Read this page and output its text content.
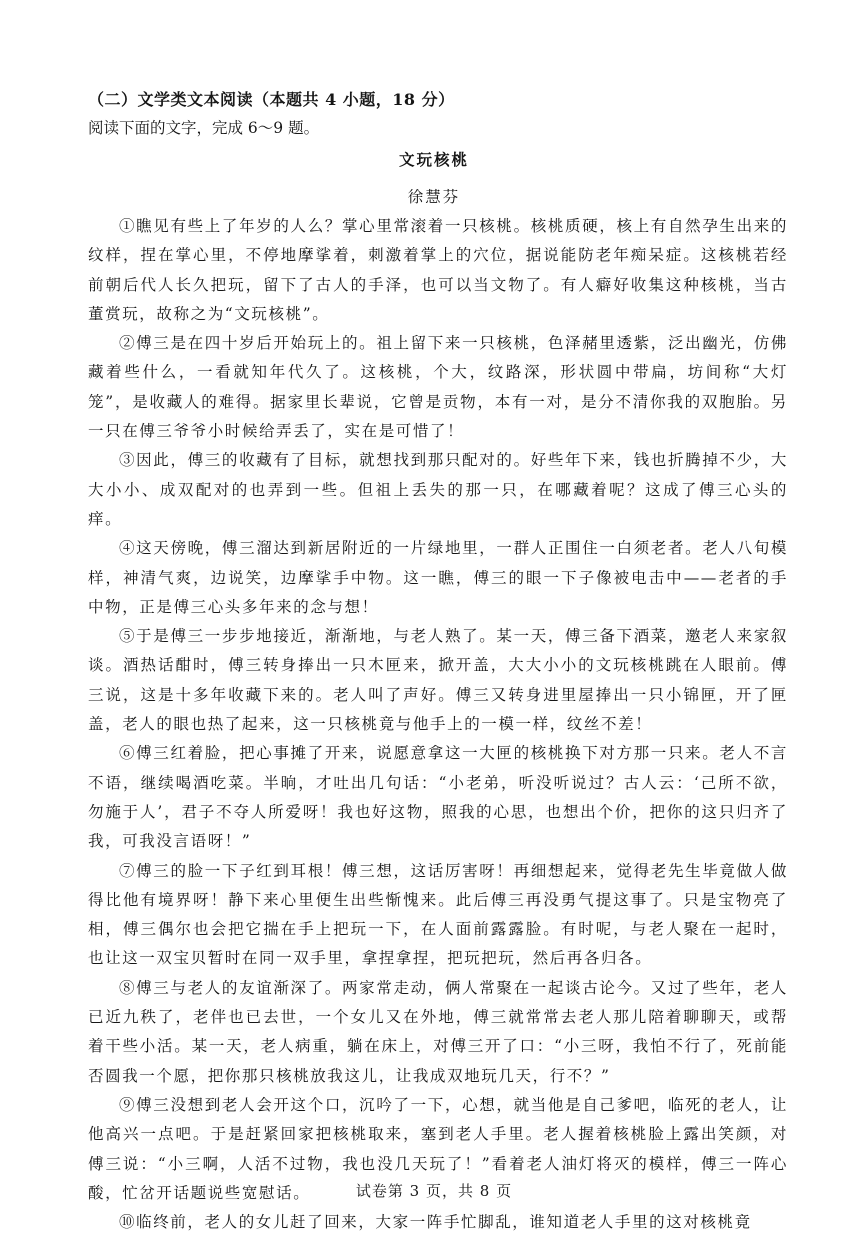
（二）文学类文本阅读（本题共 4 小题，18 分）
阅读下面的文字，完成 6～9 题。
文玩核桃
徐慧芬

①瞧见有些上了年岁的人么？掌心里常滚着一只核桃。核桃质硬，核上有自然孕生出来的纹样，捏在掌心里，不停地摩挲着，刺激着掌上的穴位，据说能防老年痴呆症。这核桃若经前朝后代人长久把玩，留下了古人的手泽，也可以当文物了。有人癖好收集这种核桃，当古董赏玩，故称之为“文玩核桃”。

②傅三是在四十岁后开始玩上的。祖上留下来一只核桃，色泽赭里透紫，泛出幽光，仿佛藏着些什么，一看就知年代久了。这核桃，个大，纹路深，形状圆中带扁，坊间称“大灯笼”，是收藏人的难得。据家里长辈说，它曾是贡物，本有一对，是分不清你我的双胞胎。另一只在傅三爷爷小时候给弄丢了，实在是可惜了！

③因此，傅三的收藏有了目标，就想找到那只配对的。好些年下来，钱也折腾掉不少，大大小小、成双配对的也弄到一些。但祖上丢失的那一只，在哪藏着呢？这成了傅三心头的痒。

④这天傍晚，傅三溜达到新居附近的一片绿地里，一群人正围住一白须老者。老人八旬模样，神清气爽，边说笑，边摩挲手中物。这一瞧，傅三的眼一下子像被电击中——老者的手中物，正是傅三心头多年来的念与想！

⑤于是傅三一步步地接近，渐渐地，与老人熟了。某一天，傅三备下酒菜，邀老人来家叙谈。酒热话酣时，傅三转身捧出一只木匣来，掀开盖，大大小小的文玩核桃跳在人眼前。傅三说，这是十多年收藏下来的。老人叫了声好。傅三又转身进里屋捧出一只小锦匣，开了匣盖，老人的眼也热了起来，这一只核桃竟与他手上的一模一样，纹丝不差！

⑥傅三红着脸，把心事摊了开来，说愿意拿这一大匣的核桃换下对方那一只来。老人不言不语，继续喝酒吃菜。半晌，才吐出几句话：“小老弟，听没听说过？古人云：‘己所不欲，勿施于人’，君子不夺人所爱呀！我也好这物，照我的心思，也想出个价，把你的这只归齐了我，可我没言语呀！”

⑦傅三的脸一下子红到耳根！傅三想，这话厉害呀！再细想起来，觉得老先生毕竟做人做得比他有境界呀！静下来心里便生出些惭愧来。此后傅三再没勇气提这事了。只是宝物亮了相，傅三偶尔也会把它揣在手上把玩一下，在人面前露露脸。有时呢，与老人聚在一起时，也让这一双宝贝暂时在同一双手里，拿捏拿捏，把玩把玩，然后再各归各。

⑧傅三与老人的友谊渐深了。两家常走动，俩人常聚在一起谈古论今。又过了些年，老人已近九秩了，老伴也已去世，一个女儿又在外地，傅三就常常去老人那儿陪着聊聊天，或帮着干些小活。某一天，老人病重，躺在床上，对傅三开了口：“小三呀，我怕不行了，死前能否圆我一个愿，把你那只核桃放我这儿，让我成双地玩几天，行不？”

⑨傅三没想到老人会开这个口，沉吟了一下，心想，就当他是自己爹吧，临死的老人，让他高兴一点吧。于是赶紧回家把核桃取来，塞到老人手里。老人握着核桃脸上露出笑颜，对傅三说：“小三啊，人活不过物，我也没几天玩了！”看着老人油灯将灭的模样，傅三一阵心酸，忙岔开话题说些宽慰话。

⑩临终前，老人的女儿赶了回来，大家一阵手忙脚乱，谁知道老人手里的这对核桃竟

试卷第 3 页，共 8 页
